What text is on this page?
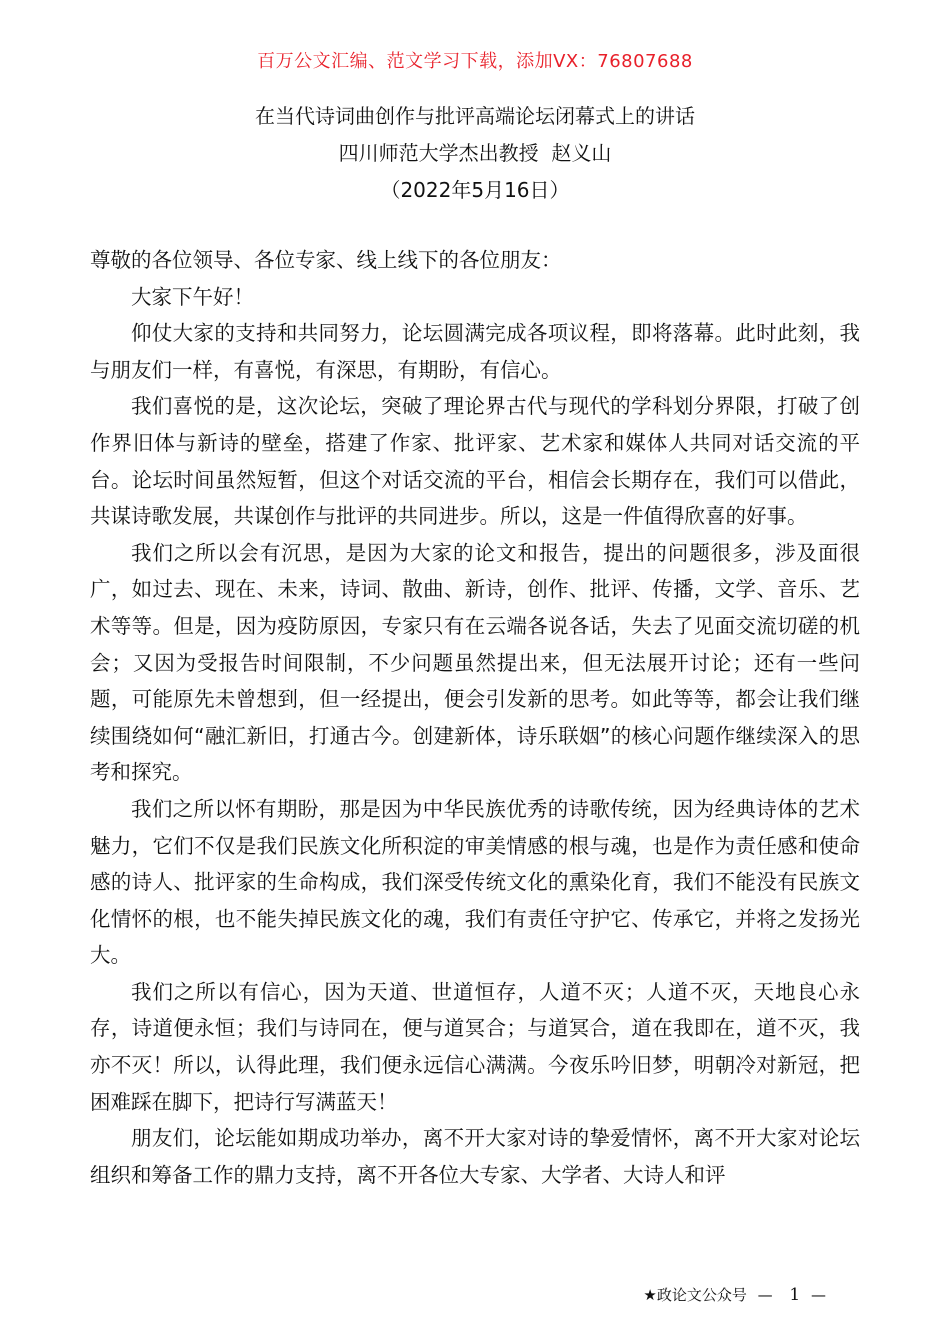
百万公文汇编、范文学习下载，添加VX：76807688
在当代诗词曲创作与批评高端论坛闭幕式上的讲话
四川师范大学杰出教授  赵义山
（2022年5月16日）

尊敬的各位领导、各位专家、线上线下的各位朋友：

大家下午好！

仰仗大家的支持和共同努力，论坛圆满完成各项议程，即将落幕。此时此刻，我与朋友们一样，有喜悦，有深思，有期盼，有信心。

我们喜悦的是，这次论坛，突破了理论界古代与现代的学科划分界限，打破了创作界旧体与新诗的壁垒，搭建了作家、批评家、艺术家和媒体人共同对话交流的平台。论坛时间虽然短暂，但这个对话交流的平台，相信会长期存在，我们可以借此，共谋诗歌发展，共谋创作与批评的共同进步。所以，这是一件值得欣喜的好事。

我们之所以会有沉思，是因为大家的论文和报告，提出的问题很多，涉及面很广，如过去、现在、未来，诗词、散曲、新诗，创作、批评、传播，文学、音乐、艺术等等。但是，因为疫防原因，专家只有在云端各说各话，失去了见面交流切磋的机会；又因为受报告时间限制，不少问题虽然提出来，但无法展开讨论；还有一些问题，可能原先未曾想到，但一经提出，便会引发新的思考。如此等等，都会让我们继续围绕如何“融汇新旧，打通古今。创建新体，诗乐联姻”的核心问题作继续深入的思考和探究。

我们之所以怀有期盼，那是因为中华民族优秀的诗歌传统，因为经典诗体的艺术魅力，它们不仅是我们民族文化所积淀的审美情感的根与魂，也是作为责任感和使命感的诗人、批评家的生命构成，我们深受传统文化的熏染化育，我们不能没有民族文化情怀的根，也不能失掉民族文化的魂，我们有责任守护它、传承它，并将之发扬光大。

我们之所以有信心，因为天道、世道恒存，人道不灭；人道不灭，天地良心永存，诗道便永恒；我们与诗同在，便与道冥合；与道冥合，道在我即在，道不灭，我亦不灭！所以，认得此理，我们便永远信心满满。今夜乐吟旧梦，明朝冷对新冠，把困难踩在脚下，把诗行写满蓝天！

朋友们，论坛能如期成功举办，离不开大家对诗的挚爱情怀，离不开大家对论坛组织和筹备工作的鼎力支持，离不开各位大专家、大学者、大诗人和评

★政论文公众号 — 1 —
